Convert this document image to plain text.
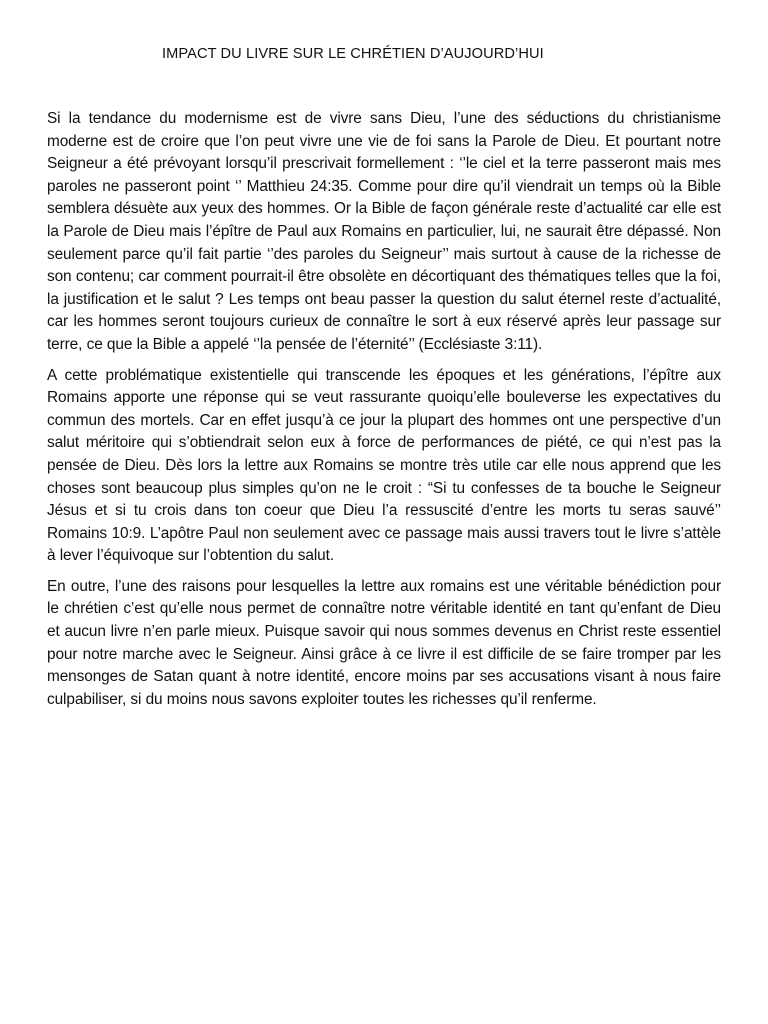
IMPACT DU LIVRE SUR LE CHRÉTIEN D’AUJOURD’HUI

Si la tendance du modernisme est de vivre sans Dieu, l’une des séductions du christianisme moderne est de croire que l’on peut vivre une vie de foi sans la Parole de Dieu. Et pourtant notre Seigneur a été prévoyant lorsqu’il prescrivait formellement : ‘’le ciel et la terre passeront mais mes paroles ne passeront point ‘’ Matthieu 24:35. Comme pour dire qu’il viendrait un temps où la Bible semblera désuète aux yeux des hommes. Or la Bible de façon générale reste d’actualité car elle est la Parole de Dieu mais l’épître de Paul aux Romains en particulier, lui, ne saurait être dépassé. Non seulement parce qu’il fait partie ‘’des paroles du Seigneur’’ mais surtout à cause de la richesse de son contenu; car comment pourrait-il être obsolète en décortiquant des thématiques telles que la foi, la justification et le salut ? Les temps ont beau passer la question du salut éternel reste d’actualité, car les hommes seront toujours curieux de connaître le sort à eux réservé après leur passage sur terre, ce que la Bible a appelé ‘’la pensée de l’éternité’’ (Ecclésiaste 3:11).

A cette problématique existentielle qui transcende les époques et les générations, l’épître aux Romains apporte une réponse qui se veut rassurante quoiqu’elle bouleverse les expectatives du commun des mortels. Car en effet jusqu’à ce jour la plupart des hommes ont une perspective d’un salut méritoire qui s’obtiendrait selon eux à force de performances de piété, ce qui n’est pas la pensée de Dieu. Dès lors la lettre aux Romains se montre très utile car elle nous apprend que les choses sont beaucoup plus simples qu’on ne le croit : “Si tu confesses de ta bouche le Seigneur Jésus et si tu crois dans ton coeur que Dieu l’a ressuscité d’entre les morts tu seras sauvé’’ Romains 10:9. L’apôtre Paul non seulement avec ce passage mais aussi travers tout le livre s’attèle à lever l’équivoque sur l’obtention du salut.

En outre, l’une des raisons pour lesquelles la lettre aux romains est une véritable bénédiction pour le chrétien c’est qu’elle nous permet de connaître notre véritable identité en tant qu’enfant de Dieu et aucun livre n’en parle mieux. Puisque savoir qui nous sommes devenus en Christ reste essentiel pour notre marche avec le Seigneur. Ainsi grâce à ce livre il est difficile de se faire tromper par les mensonges de Satan quant à notre identité, encore moins par ses accusations visant à nous faire culpabiliser, si du moins nous savons exploiter toutes les richesses qu’il renferme.
